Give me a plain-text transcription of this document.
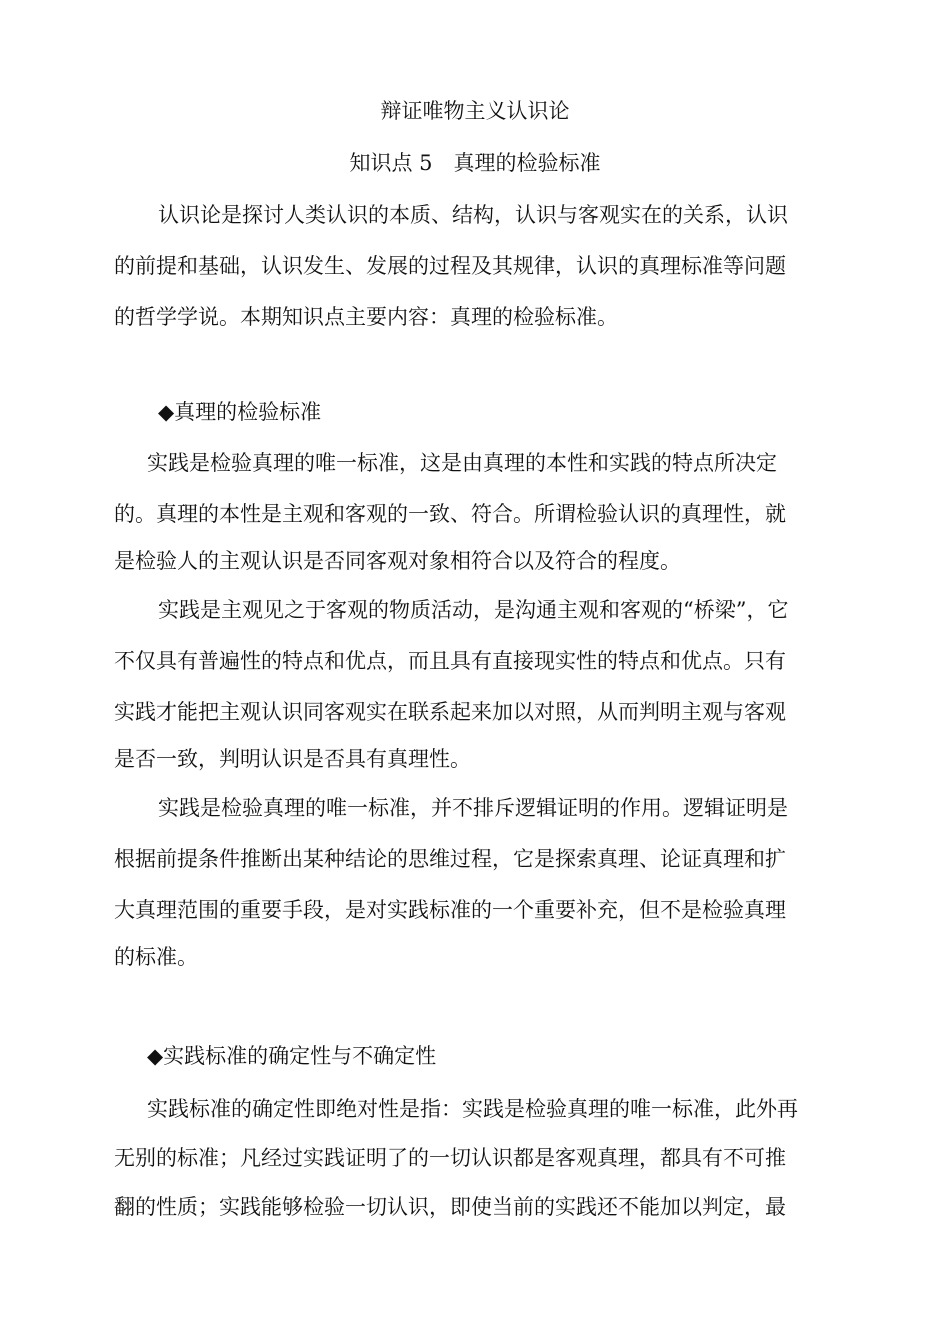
辩证唯物主义认识论
知识点 5　真理的检验标准
认识论是探讨人类认识的本质、结构，认识与客观实在的关系，认识
的前提和基础，认识发生、发展的过程及其规律，认识的真理标准等问题
的哲学学说。本期知识点主要内容：真理的检验标准。
◆真理的检验标准
实践是检验真理的唯一标准，这是由真理的本性和实践的特点所决定
的。真理的本性是主观和客观的一致、符合。所谓检验认识的真理性，就
是检验人的主观认识是否同客观对象相符合以及符合的程度。
实践是主观见之于客观的物质活动，是沟通主观和客观的“桥梁”，它
不仅具有普遍性的特点和优点，而且具有直接现实性的特点和优点。只有
实践才能把主观认识同客观实在联系起来加以对照，从而判明主观与客观
是否一致，判明认识是否具有真理性。
实践是检验真理的唯一标准，并不排斥逻辑证明的作用。逻辑证明是
根据前提条件推断出某种结论的思维过程，它是探索真理、论证真理和扩
大真理范围的重要手段，是对实践标准的一个重要补充，但不是检验真理
的标准。
◆实践标准的确定性与不确定性
实践标准的确定性即绝对性是指：实践是检验真理的唯一标准，此外再
无别的标准；凡经过实践证明了的一切认识都是客观真理，都具有不可推
翻的性质；实践能够检验一切认识，即使当前的实践还不能加以判定，最
